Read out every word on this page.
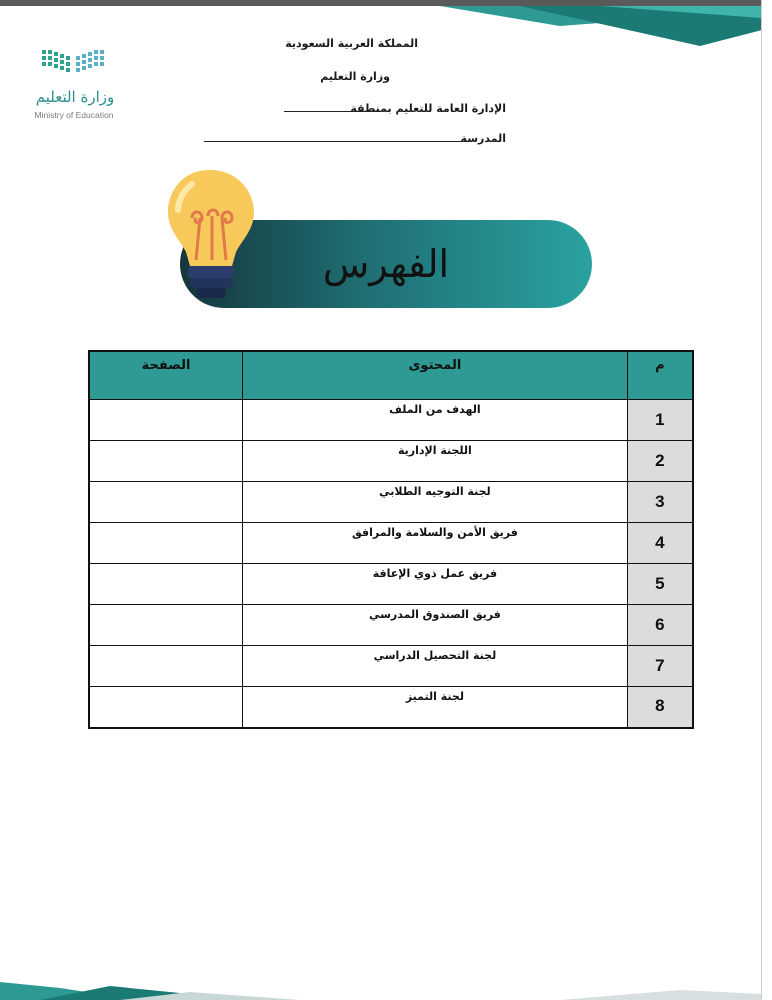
وزارة التعليم
Ministry of Education
المملكة العربية السعودية
وزارة التعليم
الإدارة العامة للتعليم بمنطقة
المدرسة
الفهرس
م	المحتوى	الصفحة
1	الهدف من الملف	
2	اللجنة الإدارية	
3	لجنة التوجيه الطلابي	
4	فريق الأمن والسلامة والمرافق	
5	فريق عمل ذوي الإعاقة	
6	فريق الصندوق المدرسي	
7	لجنة التحصيل الدراسي	
8	لجنة التميز	
